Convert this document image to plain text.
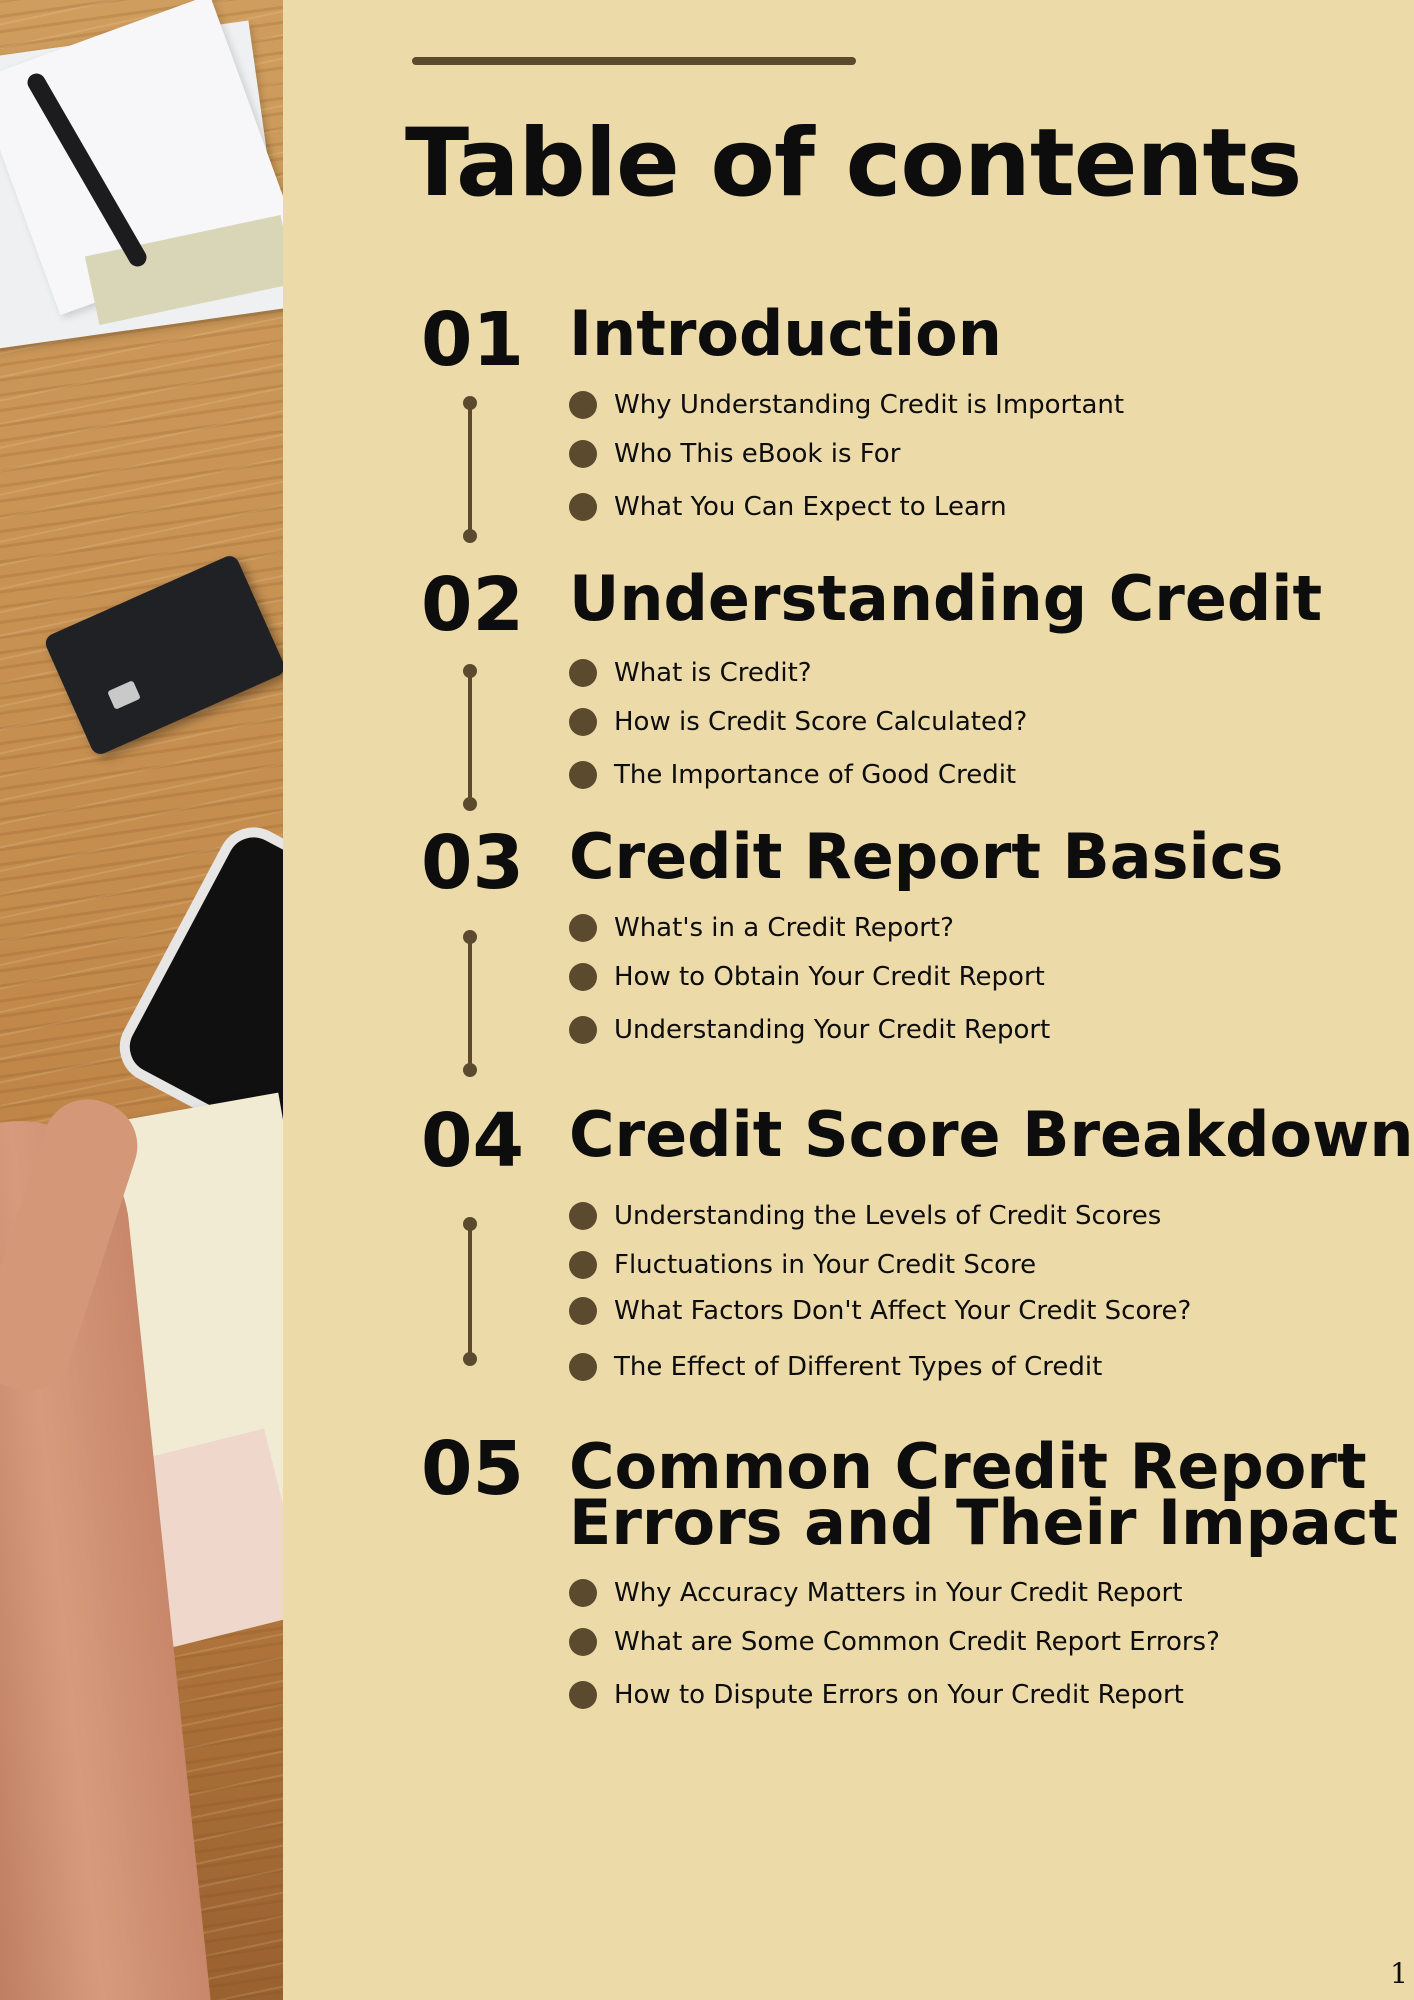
Table of contents
01 Introduction
Why Understanding Credit is Important
Who This eBook is For
What You Can Expect to Learn
02 Understanding Credit
What is Credit?
How is Credit Score Calculated?
The Importance of Good Credit
03 Credit Report Basics
What's in a Credit Report?
How to Obtain Your Credit Report
Understanding Your Credit Report
04 Credit Score Breakdown
Understanding the Levels of Credit Scores
Fluctuations in Your Credit Score
What Factors Don't Affect Your Credit Score?
The Effect of Different Types of Credit
05 Common Credit Report
Errors and Their Impact
Why Accuracy Matters in Your Credit Report
What are Some Common Credit Report Errors?
How to Dispute Errors on Your Credit Report
1
